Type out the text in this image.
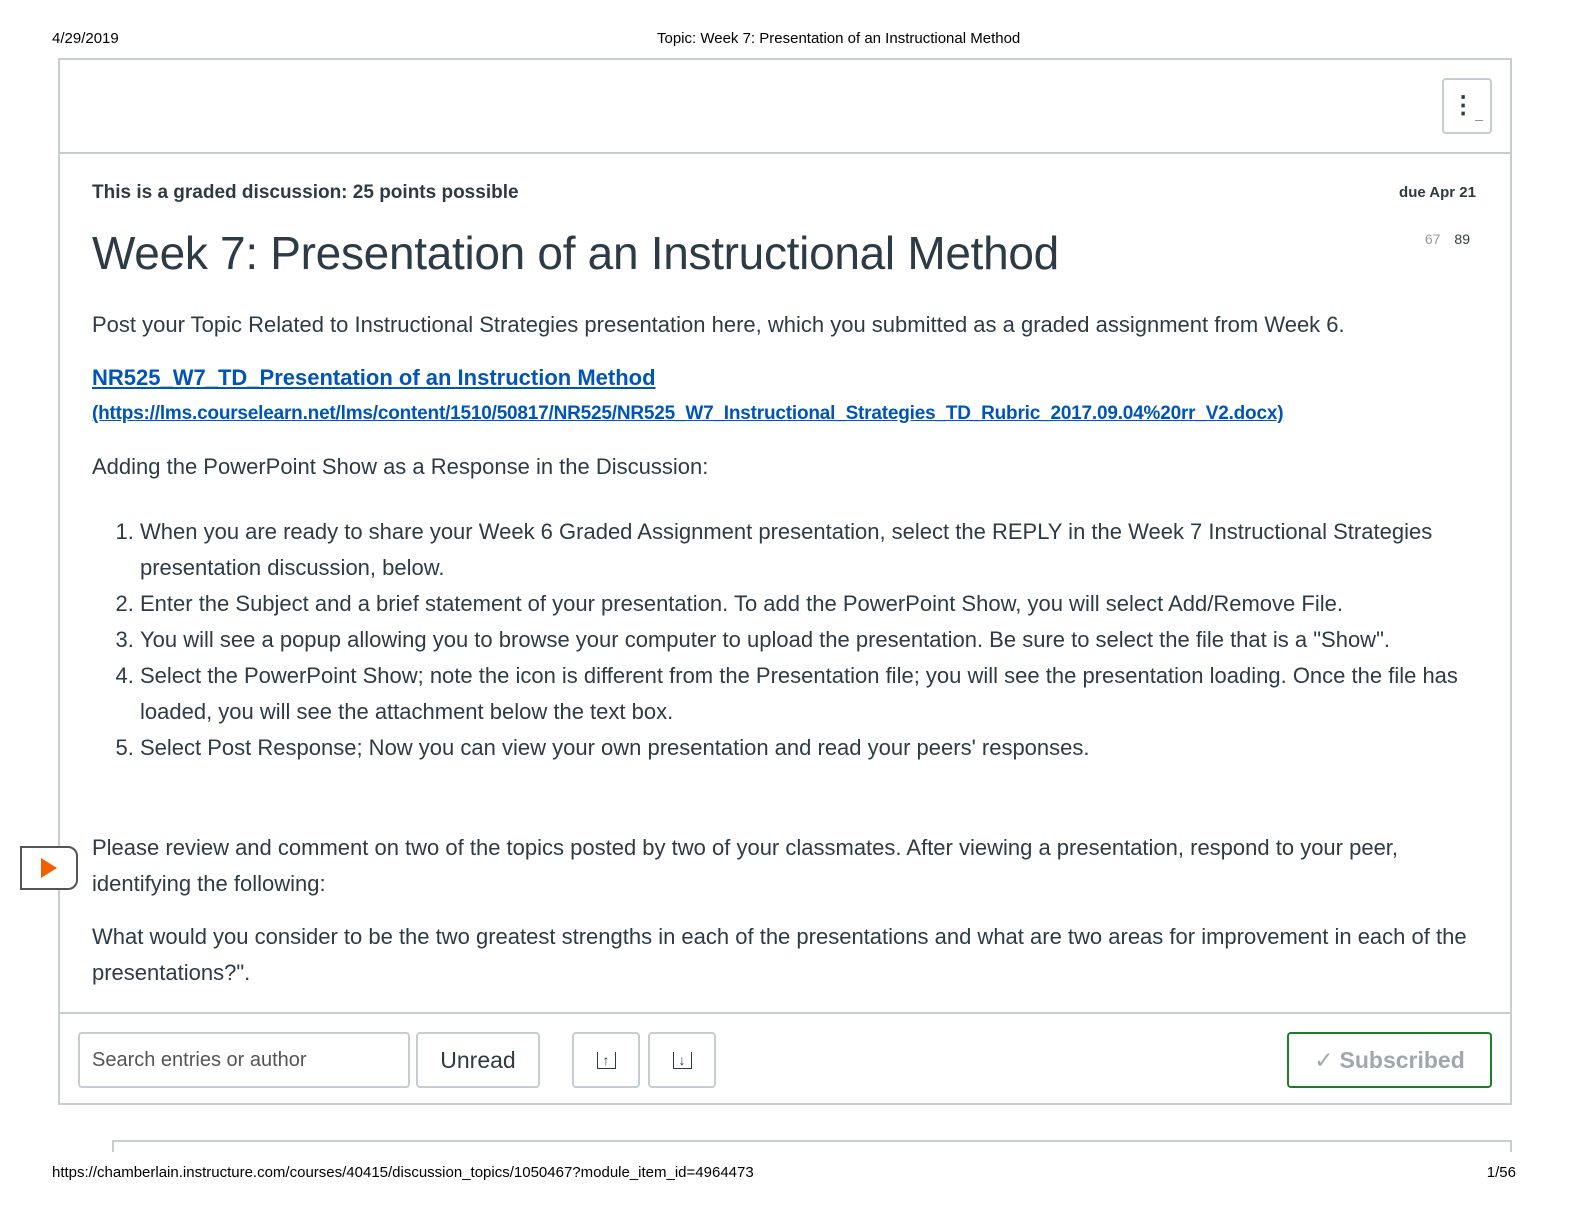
4/29/2019	Topic: Week 7: Presentation of an Instructional Method
$⋮_{\_}$
This is a graded discussion: 25 points possible	due Apr 21
67 89
Week 7: Presentation of an Instructional Method

Post your Topic Related to Instructional Strategies presentation here, which you submitted as a graded assignment from Week 6.

NR525_W7_TD_Presentation of an Instruction Method
(https://lms.courselearn.net/lms/content/1510/50817/NR525/NR525_W7_Instructional_Strategies_TD_Rubric_2017.09.04%20rr_V2.docx)

Adding the PowerPoint Show as a Response in the Discussion:

1. When you are ready to share your Week 6 Graded Assignment presentation, select the REPLY in the Week 7 Instructional Strategies presentation discussion, below.
2. Enter the Subject and a brief statement of your presentation. To add the PowerPoint Show, you will select Add/Remove File.
3. You will see a popup allowing you to browse your computer to upload the presentation. Be sure to select the file that is a "Show".
4. Select the PowerPoint Show; note the icon is different from the Presentation file; you will see the presentation loading. Once the file has loaded, you will see the attachment below the text box.
5. Select Post Response; Now you can view your own presentation and read your peers' responses.

Please review and comment on two of the topics posted by two of your classmates. After viewing a presentation, respond to your peer, identifying the following:

What would you consider to be the two greatest strengths in each of the presentations and what are two areas for improvement in each of the presentations?".

Search entries or author	Unread	↑	↓	✓ Subscribed
https://chamberlain.instructure.com/courses/40415/discussion_topics/1050467?module_item_id=4964473	1/56
